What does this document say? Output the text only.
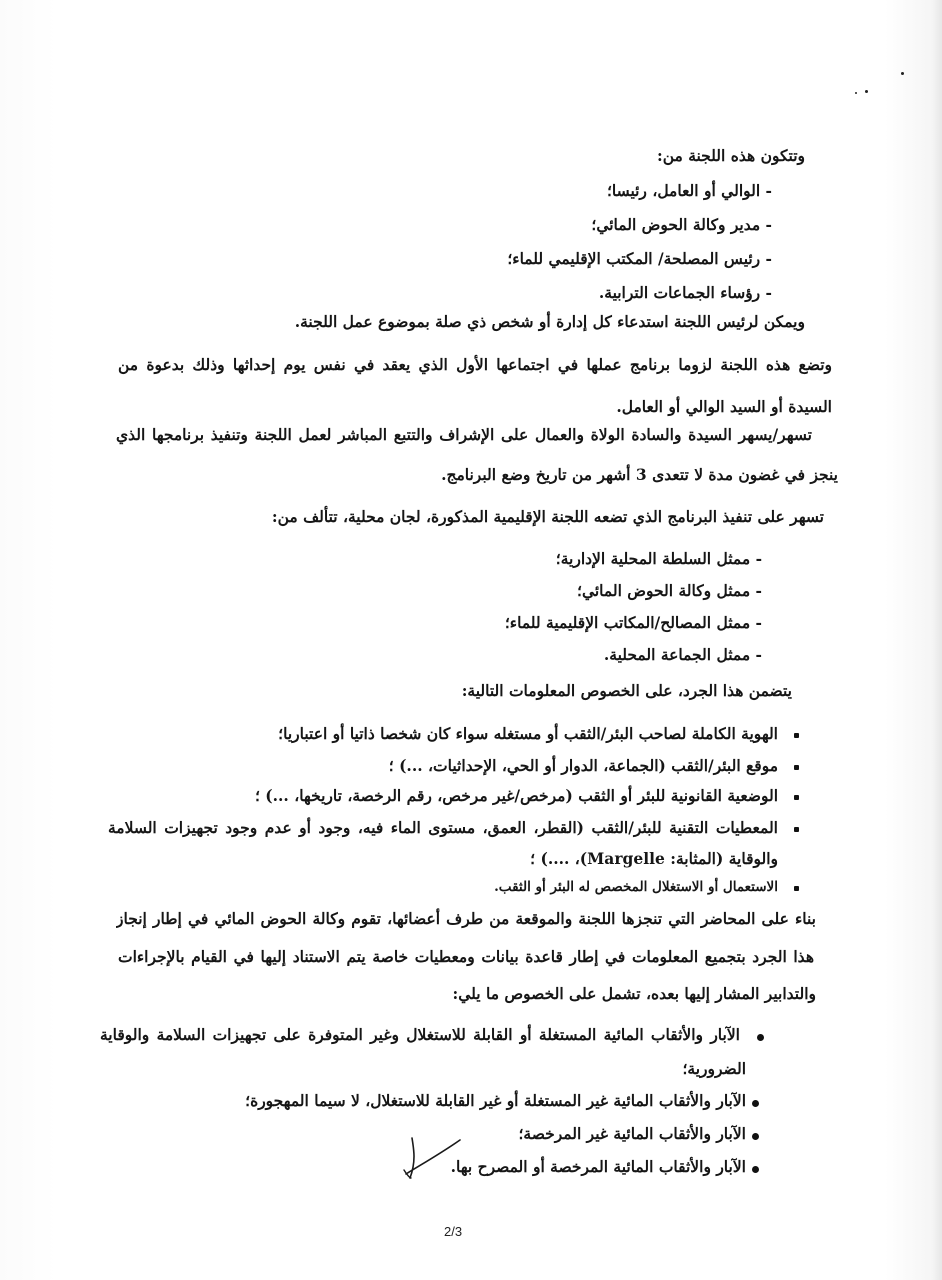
وتتكون هذه اللجنة من:
- الوالي أو العامل، رئيسا؛
- مدير وكالة الحوض المائي؛
- رئيس المصلحة/ المكتب الإقليمي للماء؛
- رؤساء الجماعات الترابية.
ويمكن لرئيس اللجنة استدعاء كل إدارة أو شخص ذي صلة بموضوع عمل اللجنة.
وتضع هذه اللجنة لزوما برنامج عملها في اجتماعها الأول الذي يعقد في نفس يوم إحداثها وذلك بدعوة من
السيدة أو السيد الوالي أو العامل.
تسهر/يسهر السيدة والسادة الولاة والعمال على الإشراف والتتبع المباشر لعمل اللجنة وتنفيذ برنامجها الذي
ينجز في غضون مدة لا تتعدى 3 أشهر من تاريخ وضع البرنامج.
تسهر على تنفيذ البرنامج الذي تضعه اللجنة الإقليمية المذكورة، لجان محلية، تتألف من:
- ممثل السلطة المحلية الإدارية؛
- ممثل وكالة الحوض المائي؛
- ممثل المصالح/المكاتب الإقليمية للماء؛
- ممثل الجماعة المحلية.
يتضمن هذا الجرد، على الخصوص المعلومات التالية:
الهوية الكاملة لصاحب البئر/الثقب أو مستغله سواء كان شخصا ذاتيا أو اعتباريا؛
موقع البئر/الثقب (الجماعة، الدوار أو الحي، الإحداثيات، ...) ؛
الوضعية القانونية للبئر أو الثقب (مرخص/غير مرخص، رقم الرخصة، تاريخها، ...) ؛
المعطيات التقنية للبئر/الثقب (القطر، العمق، مستوى الماء فيه، وجود أو عدم وجود تجهيزات السلامة
والوقاية (المثابة: Margelle)، ....) ؛
الاستعمال أو الاستغلال المخصص له البئر أو الثقب.
بناء على المحاضر التي تنجزها اللجنة والموقعة من طرف أعضائها، تقوم وكالة الحوض المائي في إطار إنجاز
هذا الجرد بتجميع المعلومات في إطار قاعدة بيانات ومعطيات خاصة يتم الاستناد إليها في القيام بالإجراءات
والتدابير المشار إليها بعده، تشمل على الخصوص ما يلي:
الآبار والأثقاب المائية المستغلة أو القابلة للاستغلال وغير المتوفرة على تجهيزات السلامة والوقاية
الضرورية؛
الآبار والأثقاب المائية غير المستغلة أو غير القابلة للاستغلال، لا سيما المهجورة؛
الآبار والأثقاب المائية غير المرخصة؛
الآبار والأثقاب المائية المرخصة أو المصرح بها.
2/3
